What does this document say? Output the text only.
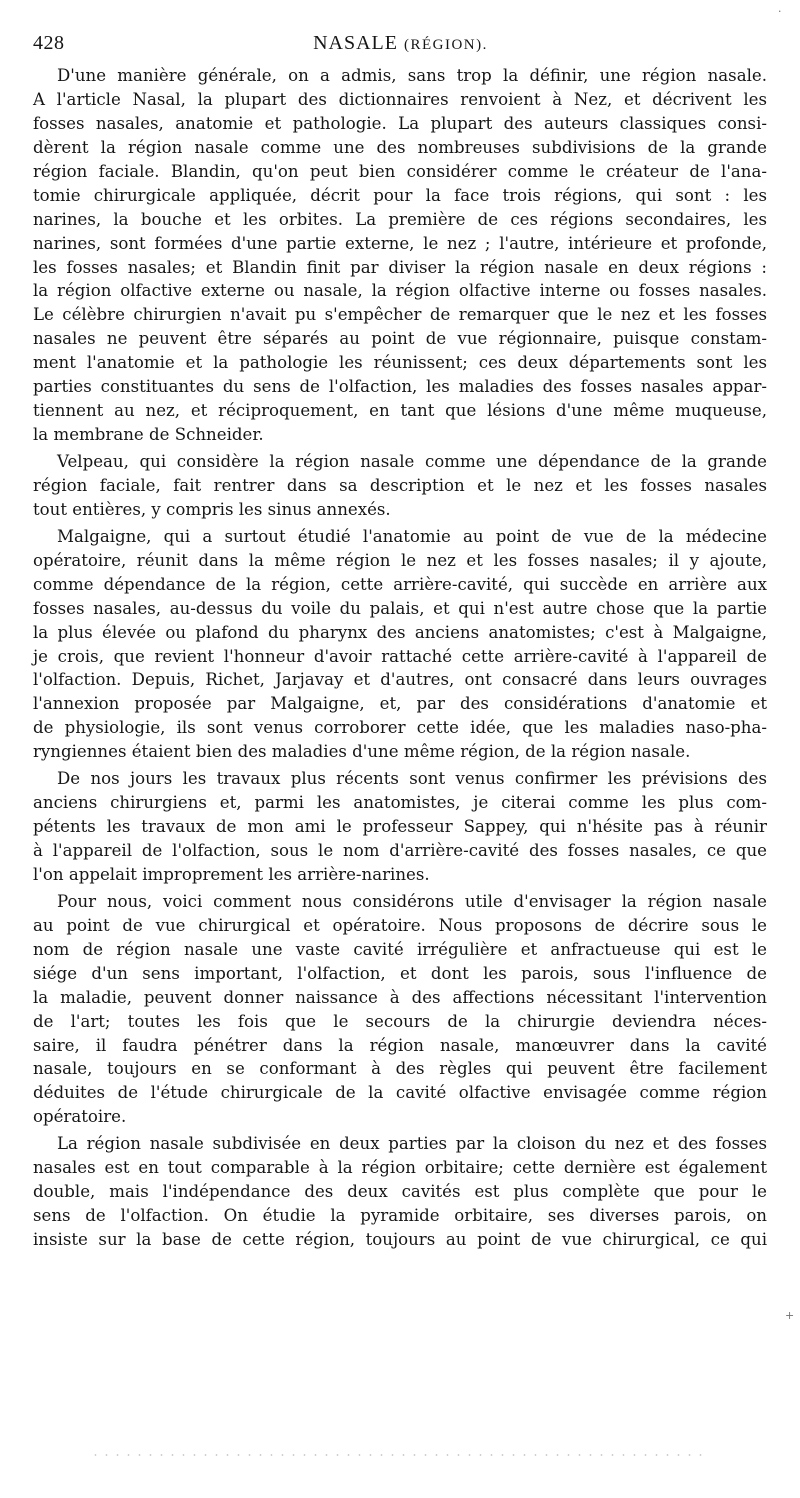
·
428	NASALE (RÉGION).
D'une manière générale, on a admis, sans trop la définir, une région nasale.
A l'article Nasal, la plupart des dictionnaires renvoient à Nez, et décrivent les
fosses nasales, anatomie et pathologie. La plupart des auteurs classiques consi-
dèrent la région nasale comme une des nombreuses subdivisions de la grande
région faciale. Blandin, qu'on peut bien considérer comme le créateur de l'ana-
tomie chirurgicale appliquée, décrit pour la face trois régions, qui sont : les
narines, la bouche et les orbites. La première de ces régions secondaires, les
narines, sont formées d'une partie externe, le nez ; l'autre, intérieure et profonde,
les fosses nasales; et Blandin finit par diviser la région nasale en deux régions :
la région olfactive externe ou nasale, la région olfactive interne ou fosses nasales.
Le célèbre chirurgien n'avait pu s'empêcher de remarquer que le nez et les fosses
nasales ne peuvent être séparés au point de vue régionnaire, puisque constam-
ment l'anatomie et la pathologie les réunissent; ces deux départements sont les
parties constituantes du sens de l'olfaction, les maladies des fosses nasales appar-
tiennent au nez, et réciproquement, en tant que lésions d'une même muqueuse,
la membrane de Schneider.
Velpeau, qui considère la région nasale comme une dépendance de la grande
région faciale, fait rentrer dans sa description et le nez et les fosses nasales
tout entières, y compris les sinus annexés.
Malgaigne, qui a surtout étudié l'anatomie au point de vue de la médecine
opératoire, réunit dans la même région le nez et les fosses nasales; il y ajoute,
comme dépendance de la région, cette arrière-cavité, qui succède en arrière aux
fosses nasales, au-dessus du voile du palais, et qui n'est autre chose que la partie
la plus élevée ou plafond du pharynx des anciens anatomistes; c'est à Malgaigne,
je crois, que revient l'honneur d'avoir rattaché cette arrière-cavité à l'appareil de
l'olfaction. Depuis, Richet, Jarjavay et d'autres, ont consacré dans leurs ouvrages
l'annexion proposée par Malgaigne, et, par des considérations d'anatomie et
de physiologie, ils sont venus corroborer cette idée, que les maladies naso-pha-
ryngiennes étaient bien des maladies d'une même région, de la région nasale.
De nos jours les travaux plus récents sont venus confirmer les prévisions des
anciens chirurgiens et, parmi les anatomistes, je citerai comme les plus com-
pétents les travaux de mon ami le professeur Sappey, qui n'hésite pas à réunir
à l'appareil de l'olfaction, sous le nom d'arrière-cavité des fosses nasales, ce que
l'on appelait improprement les arrière-narines.
Pour nous, voici comment nous considérons utile d'envisager la région nasale
au point de vue chirurgical et opératoire. Nous proposons de décrire sous le
nom de région nasale une vaste cavité irrégulière et anfractueuse qui est le
siége d'un sens important, l'olfaction, et dont les parois, sous l'influence de
la maladie, peuvent donner naissance à des affections nécessitant l'intervention
de l'art; toutes les fois que le secours de la chirurgie deviendra néces-
saire, il faudra pénétrer dans la région nasale, manœuvrer dans la cavité
nasale, toujours en se conformant à des règles qui peuvent être facilement
déduites de l'étude chirurgicale de la cavité olfactive envisagée comme région
opératoire.
La région nasale subdivisée en deux parties par la cloison du nez et des fosses
nasales est en tout comparable à la région orbitaire; cette dernière est également
double, mais l'indépendance des deux cavités est plus complète que pour le
sens de l'olfaction. On étudie la pyramide orbitaire, ses diverses parois, on
insiste sur la base de cette région, toujours au point de vue chirurgical, ce qui
+
